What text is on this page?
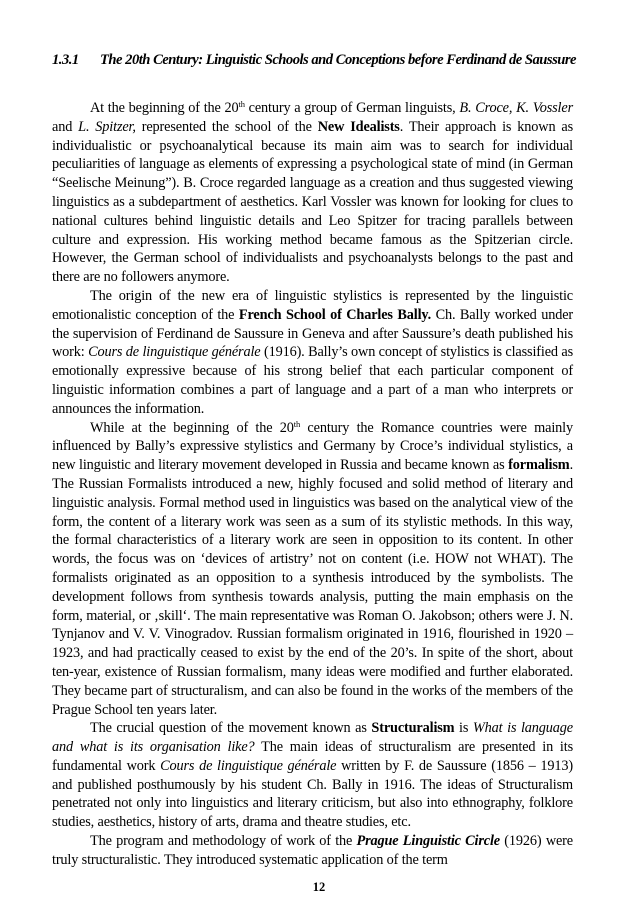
1.3.1	The 20th Century: Linguistic Schools and Conceptions before Ferdinand de Saussure

At the beginning of the 20th century a group of German linguists, B. Croce, K. Vossler and L. Spitzer, represented the school of the New Idealists. Their approach is known as individualistic or psychoanalytical because its main aim was to search for individual peculiarities of language as elements of expressing a psychological state of mind (in German “Seelische Meinung”). B. Croce regarded language as a creation and thus suggested viewing linguistics as a subdepartment of aesthetics. Karl Vossler was known for looking for clues to national cultures behind linguistic details and Leo Spitzer for tracing parallels between culture and expression. His working method became famous as the Spitzerian circle. However, the German school of individualists and psychoanalysts belongs to the past and there are no followers anymore.

The origin of the new era of linguistic stylistics is represented by the linguistic emotionalistic conception of the French School of Charles Bally. Ch. Bally worked under the supervision of Ferdinand de Saussure in Geneva and after Saussure’s death published his work: Cours de linguistique générale (1916). Bally’s own concept of stylistics is classified as emotionally expressive because of his strong belief that each particular component of linguistic information combines a part of language and a part of a man who interprets or announces the information.

While at the beginning of the 20th century the Romance countries were mainly influenced by Bally’s expressive stylistics and Germany by Croce’s individual stylistics, a new linguistic and literary movement developed in Russia and became known as formalism. The Russian Formalists introduced a new, highly focused and solid method of literary and linguistic analysis. Formal method used in linguistics was based on the analytical view of the form, the content of a literary work was seen as a sum of its stylistic methods. In this way, the formal characteristics of a literary work are seen in opposition to its content. In other words, the focus was on ‘devices of artistry’ not on content (i.e. HOW not WHAT). The formalists originated as an opposition to a synthesis introduced by the symbolists. The development follows from synthesis towards analysis, putting the main emphasis on the form, material, or ‚skill‘. The main representative was Roman O. Jakobson; others were J. N. Tynjanov and V. V. Vinogradov. Russian formalism originated in 1916, flourished in 1920 – 1923, and had practically ceased to exist by the end of the 20’s. In spite of the short, about ten-year, existence of Russian formalism, many ideas were modified and further elaborated. They became part of structuralism, and can also be found in the works of the members of the Prague School ten years later.

The crucial question of the movement known as Structuralism is What is language and what is its organisation like? The main ideas of structuralism are presented in its fundamental work Cours de linguistique générale written by F. de Saussure (1856 – 1913) and published posthumously by his student Ch. Bally in 1916. The ideas of Structuralism penetrated not only into linguistics and literary criticism, but also into ethnography, folklore studies, aesthetics, history of arts, drama and theatre studies, etc.

The program and methodology of work of the Prague Linguistic Circle (1926) were truly structuralistic. They introduced systematic application of the term

12
